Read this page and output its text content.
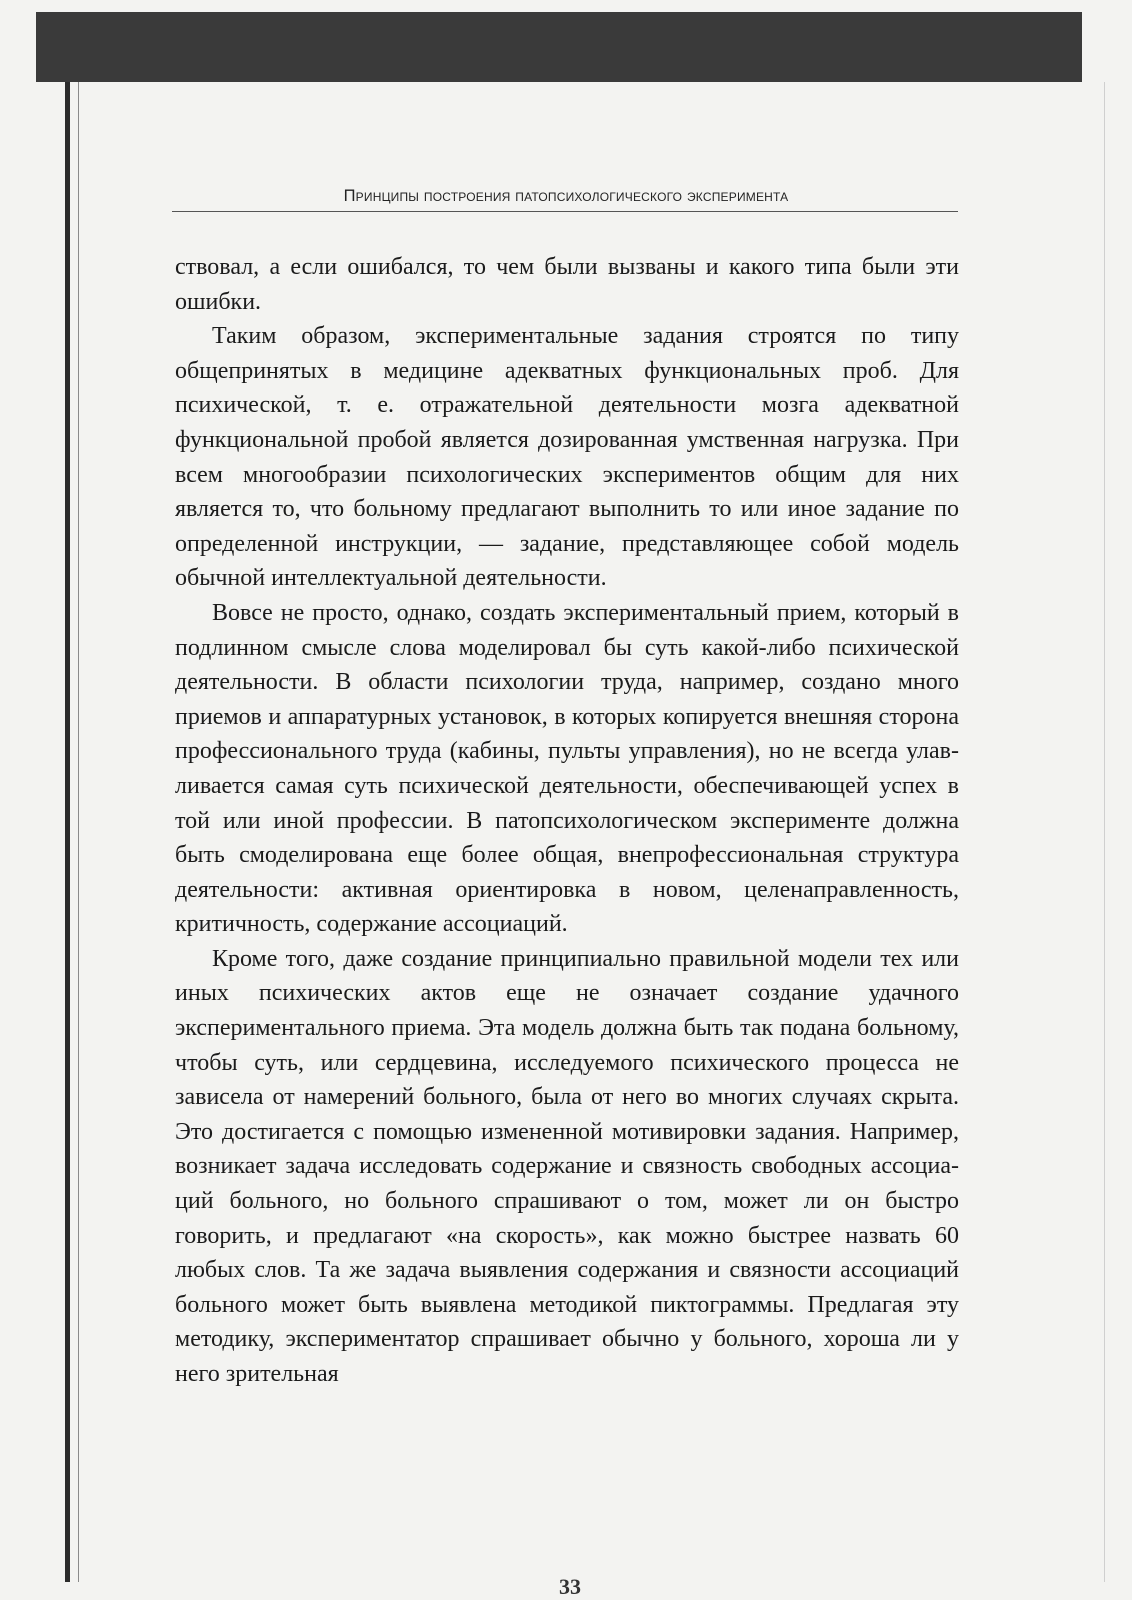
Принципы построения патопсихологического эксперимента

ствовал, а если ошибался, то чем были вызваны и какого типа были эти ошибки.

Таким образом, экспериментальные задания строятся по типу общепринятых в медицине адекватных функциональных проб. Для психической, т. е. отражательной деятельности мозга адекватной функциональной пробой является дозированная умственная нагрузка. При всем многообразии психологических экспериментов общим для них является то, что больному предлагают выполнить то или иное задание по определенной инструкции, — задание, представляющее собой модель обычной интеллектуальной деятельности.

Вовсе не просто, однако, создать экспериментальный прием, который в подлинном смысле слова моделировал бы суть какой-либо психической деятельности. В области психологии труда, например, создано много приемов и аппаратурных установок, в которых копируется внешняя сторона профессионального труда (кабины, пульты управления), но не всегда улавливается самая суть психической деятельности, обеспечивающей успех в той или иной профессии. В патопсихологическом эксперименте должна быть смоделирована еще более общая, внепрофессиональная структура деятельности: активная ориентировка в новом, целенаправленность, критичность, содержание ассоциаций.

Кроме того, даже создание принципиально правильной модели тех или иных психических актов еще не означает создание удачного экспериментального приема. Эта модель должна быть так подана больному, чтобы суть, или сердцевина, исследуемого психического процесса не зависела от намерений больного, была от него во многих случаях скрыта. Это достигается с помощью измененной мотивировки задания. Например, возникает задача исследовать содержание и связность свободных ассоциаций больного, но больного спрашивают о том, может ли он быстро говорить, и предлагают «на скорость», как можно быстрее назвать 60 любых слов. Та же задача выявления содержания и связности ассоциаций больного может быть выявлена методикой пиктограммы. Предлагая эту методику, экспериментатор спрашивает обычно у больного, хороша ли у него зрительная

33
